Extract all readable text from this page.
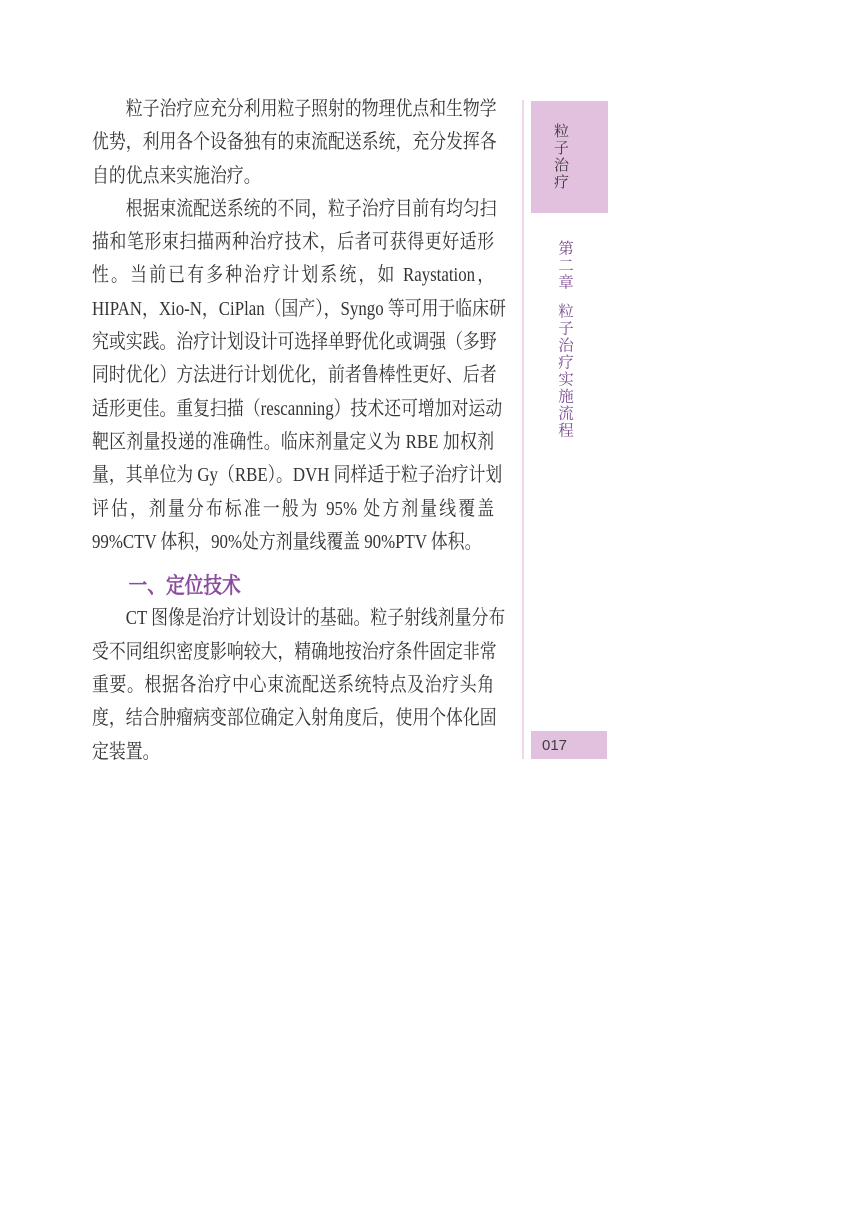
粒子治疗应充分利用粒子照射的物理优点和生物学
优势，利用各个设备独有的束流配送系统，充分发挥各
自的优点来实施治疗。
根据束流配送系统的不同，粒子治疗目前有均匀扫
描和笔形束扫描两种治疗技术，后者可获得更好适形
性。当前已有多种治疗计划系统，如 Raystation，
HIPAN，Xio-N，CiPlan（国产），Syngo 等可用于临床研
究或实践。治疗计划设计可选择单野优化或调强（多野
同时优化）方法进行计划优化，前者鲁棒性更好、后者
适形更佳。重复扫描（rescanning）技术还可增加对运动
靶区剂量投递的准确性。临床剂量定义为 RBE 加权剂
量，其单位为 Gy（RBE）。DVH 同样适于粒子治疗计划
评估，剂量分布标准一般为 95% 处方剂量线覆盖
99%CTV 体积，90%处方剂量线覆盖 90%PTV 体积。
一、定位技术
CT 图像是治疗计划设计的基础。粒子射线剂量分布
受不同组织密度影响较大，精确地按治疗条件固定非常
重要。根据各治疗中心束流配送系统特点及治疗头角
度，结合肿瘤病变部位确定入射角度后，使用个体化固
定装置。
粒子治疗
第二章粒子治疗实施流程
017
